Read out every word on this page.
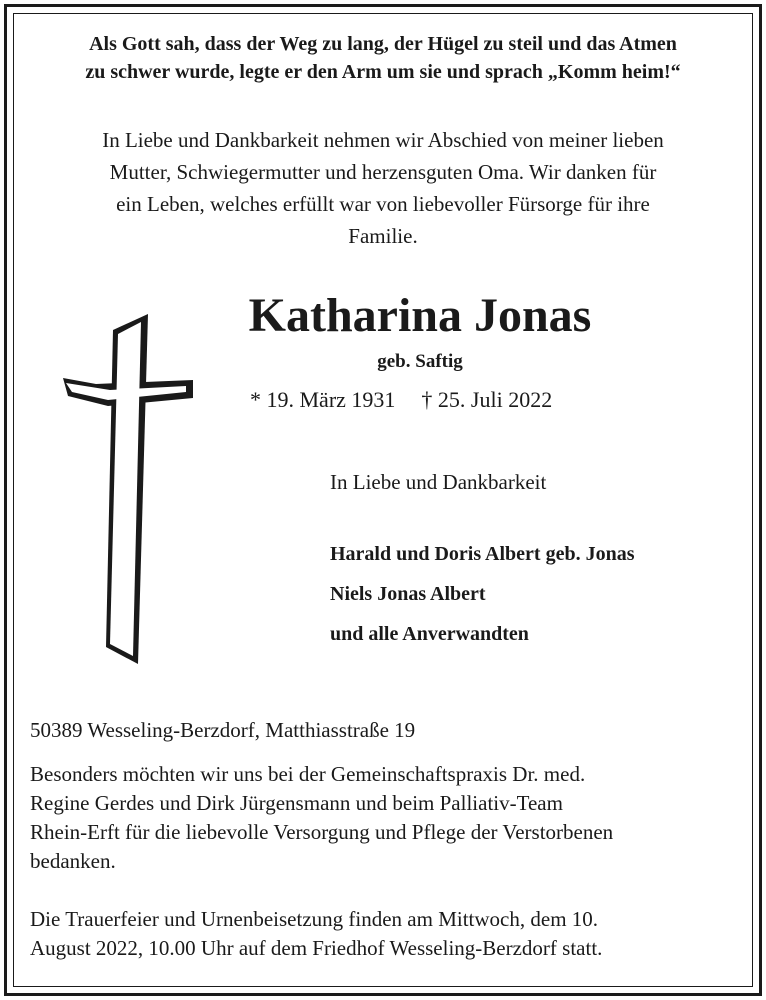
Als Gott sah, dass der Weg zu lang, der Hügel zu steil und das Atmen
zu schwer wurde, legte er den Arm um sie und sprach „Komm heim!“
In Liebe und Dankbarkeit nehmen wir Abschied von meiner lieben
Mutter, Schwiegermutter und herzensguten Oma. Wir danken für
ein Leben, welches erfüllt war von liebevoller Fürsorge für ihre
Familie.
Katharina Jonas
geb. Saftig
* 19. März 1931 † 25. Juli 2022
In Liebe und Dankbarkeit
Harald und Doris Albert geb. Jonas
Niels Jonas Albert
und alle Anverwandten
50389 Wesseling-Berzdorf, Matthiasstraße 19
Besonders möchten wir uns bei der Gemeinschaftspraxis Dr. med.
Regine Gerdes und Dirk Jürgensmann und beim Palliativ-Team
Rhein-Erft für die liebevolle Versorgung und Pflege der Verstorbenen
bedanken.
Die Trauerfeier und Urnenbeisetzung finden am Mittwoch, dem 10.
August 2022, 10.00 Uhr auf dem Friedhof Wesseling-Berzdorf statt.
